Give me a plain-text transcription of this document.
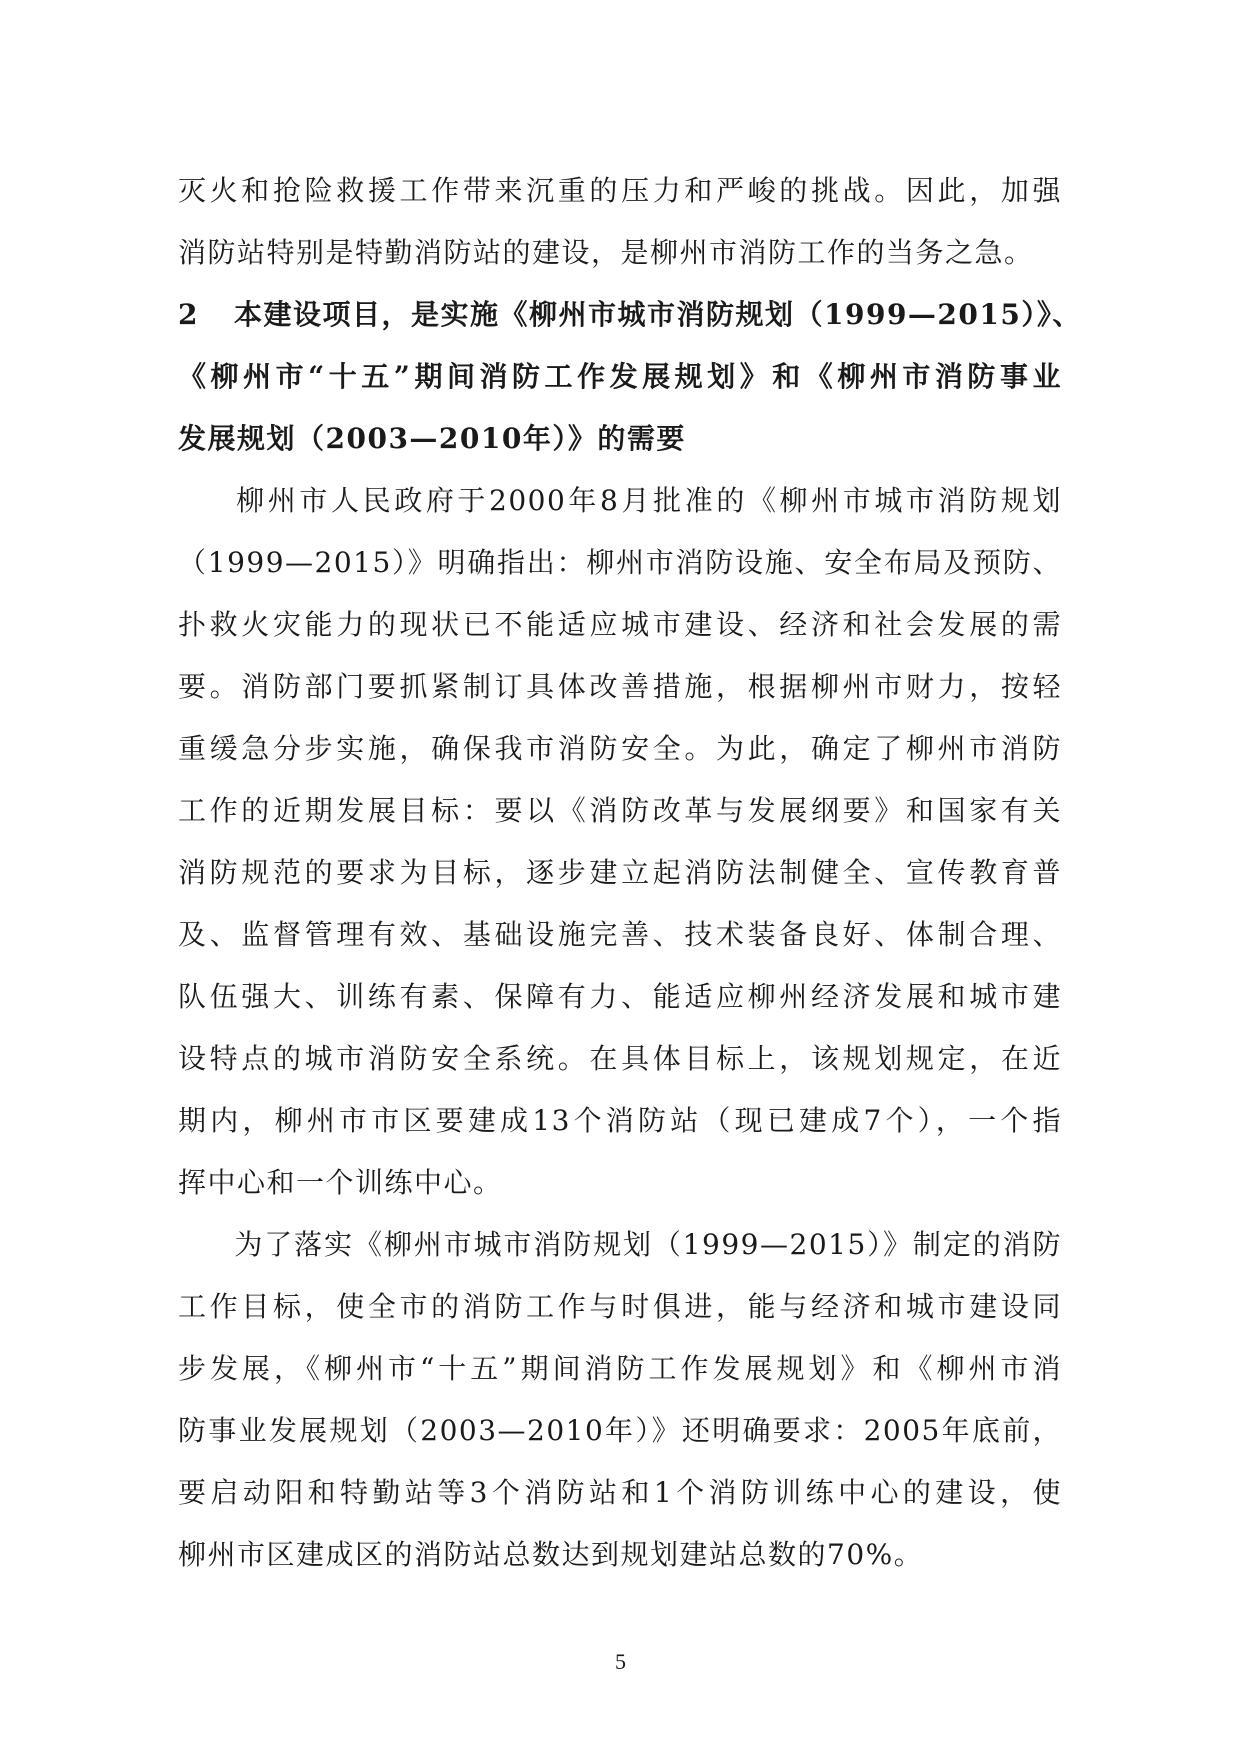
灭火和抢险救援工作带来沉重的压力和严峻的挑战。因此，加强
消防站特别是特勤消防站的建设，是柳州市消防工作的当务之急。
2 本建设项目，是实施《柳州市城市消防规划（1999—2015）》、
《柳州市“十五”期间消防工作发展规划》和《柳州市消防事业
发展规划（2003—2010年）》的需要
柳州市人民政府于2000年8月批准的《柳州市城市消防规划
（1999—2015）》明确指出：柳州市消防设施、安全布局及预防、
扑救火灾能力的现状已不能适应城市建设、经济和社会发展的需
要。消防部门要抓紧制订具体改善措施，根据柳州市财力，按轻
重缓急分步实施，确保我市消防安全。为此，确定了柳州市消防
工作的近期发展目标：要以《消防改革与发展纲要》和国家有关
消防规范的要求为目标，逐步建立起消防法制健全、宣传教育普
及、监督管理有效、基础设施完善、技术装备良好、体制合理、
队伍强大、训练有素、保障有力、能适应柳州经济发展和城市建
设特点的城市消防安全系统。在具体目标上，该规划规定，在近
期内，柳州市市区要建成13个消防站（现已建成7个），一个指
挥中心和一个训练中心。
为了落实《柳州市城市消防规划（1999—2015）》制定的消防
工作目标，使全市的消防工作与时俱进，能与经济和城市建设同
步发展，《柳州市“十五”期间消防工作发展规划》和《柳州市消
防事业发展规划（2003—2010年）》还明确要求：2005年底前，
要启动阳和特勤站等3个消防站和1个消防训练中心的建设，使
柳州市区建成区的消防站总数达到规划建站总数的70%。
5
